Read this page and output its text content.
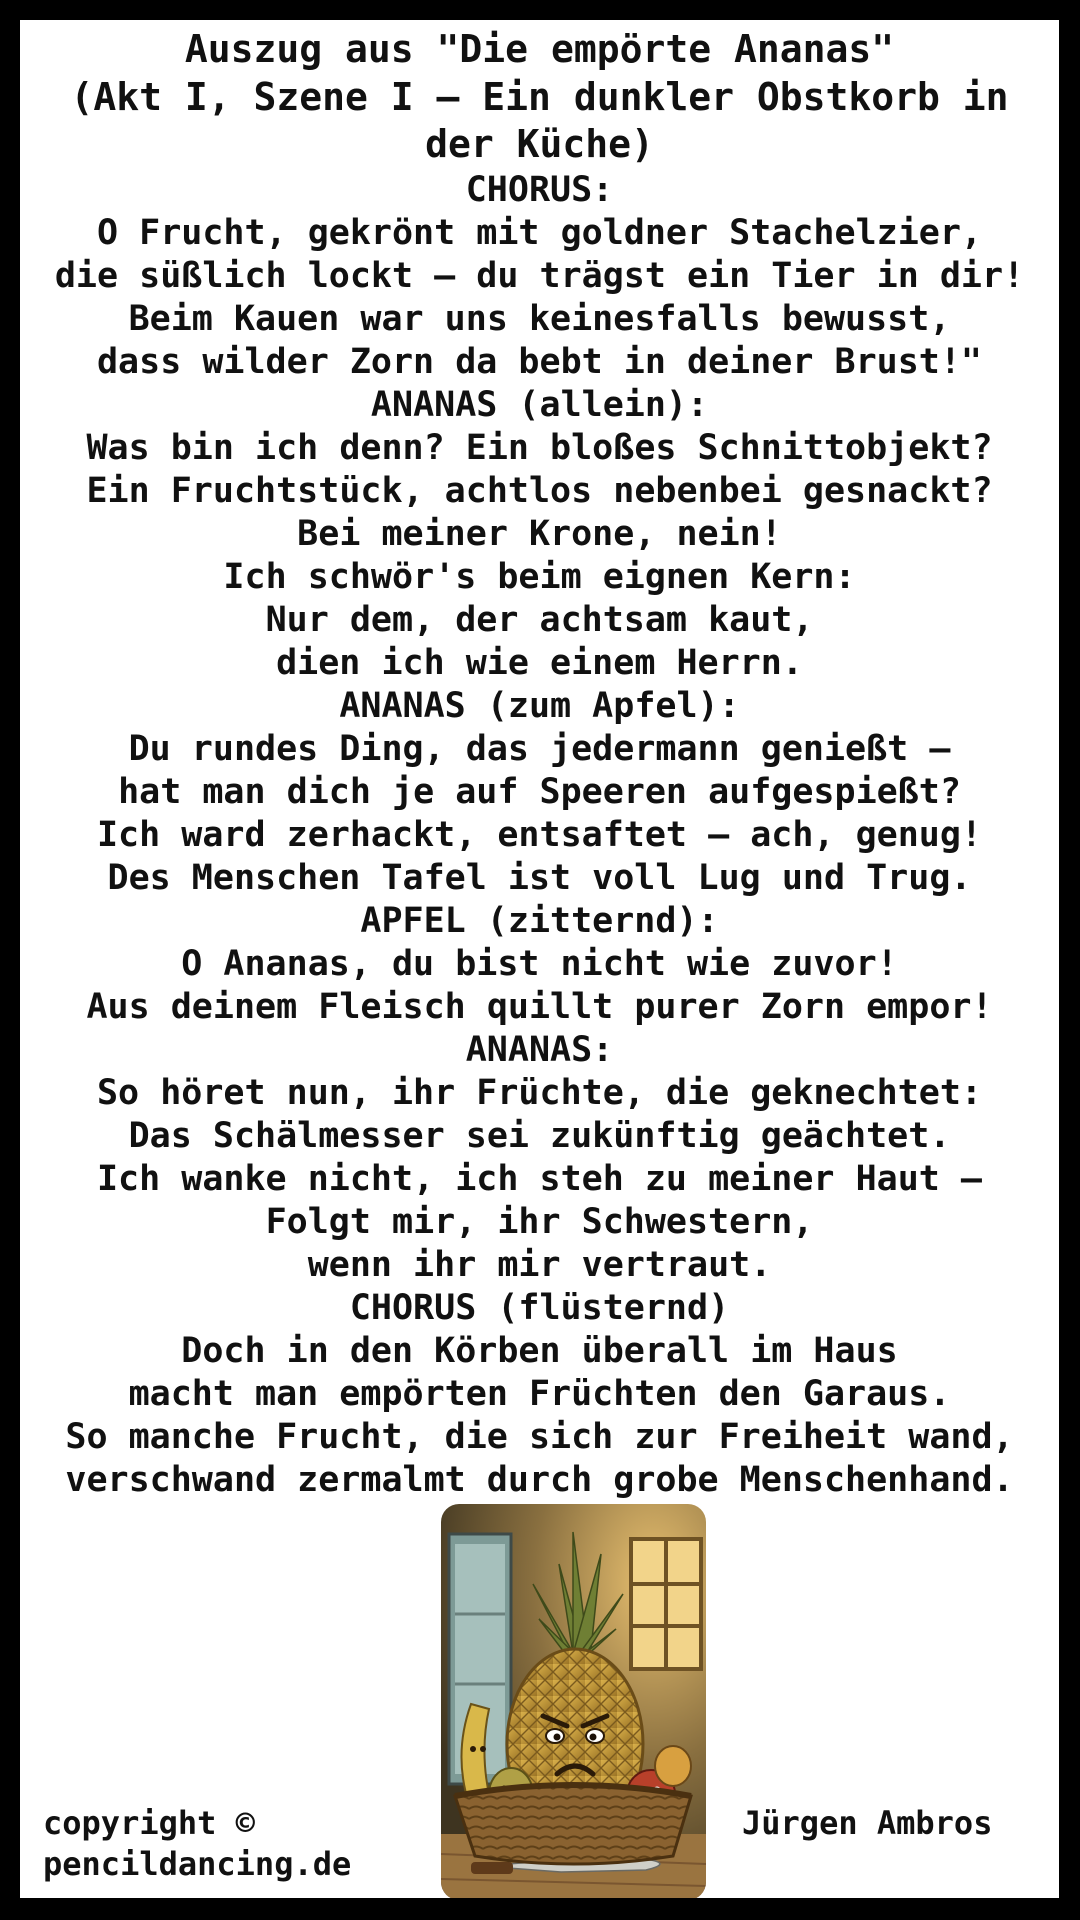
Auszug aus "Die empörte Ananas"
(Akt I, Szene I – Ein dunkler Obstkorb in
der Küche)
CHORUS:
O Frucht, gekrönt mit goldner Stachelzier,
die süßlich lockt – du trägst ein Tier in dir!
Beim Kauen war uns keinesfalls bewusst,
dass wilder Zorn da bebt in deiner Brust!"
ANANAS (allein):
Was bin ich denn? Ein bloßes Schnittobjekt?
Ein Fruchtstück, achtlos nebenbei gesnackt?
Bei meiner Krone, nein!
Ich schwör's beim eignen Kern:
Nur dem, der achtsam kaut,
dien ich wie einem Herrn.
ANANAS (zum Apfel):
Du rundes Ding, das jedermann genießt –
hat man dich je auf Speeren aufgespießt?
Ich ward zerhackt, entsaftet – ach, genug!
Des Menschen Tafel ist voll Lug und Trug.
APFEL (zitternd):
O Ananas, du bist nicht wie zuvor!
Aus deinem Fleisch quillt purer Zorn empor!
ANANAS:
So höret nun, ihr Früchte, die geknechtet:
Das Schälmesser sei zukünftig geächtet.
Ich wanke nicht, ich steh zu meiner Haut –
Folgt mir, ihr Schwestern,
wenn ihr mir vertraut.
CHORUS (flüsternd)
Doch in den Körben überall im Haus
macht man empörten Früchten den Garaus.
So manche Frucht, die sich zur Freiheit wand,
verschwand zermalmt durch grobe Menschenhand.
copyright ©
pencildancing.de
Jürgen Ambros
